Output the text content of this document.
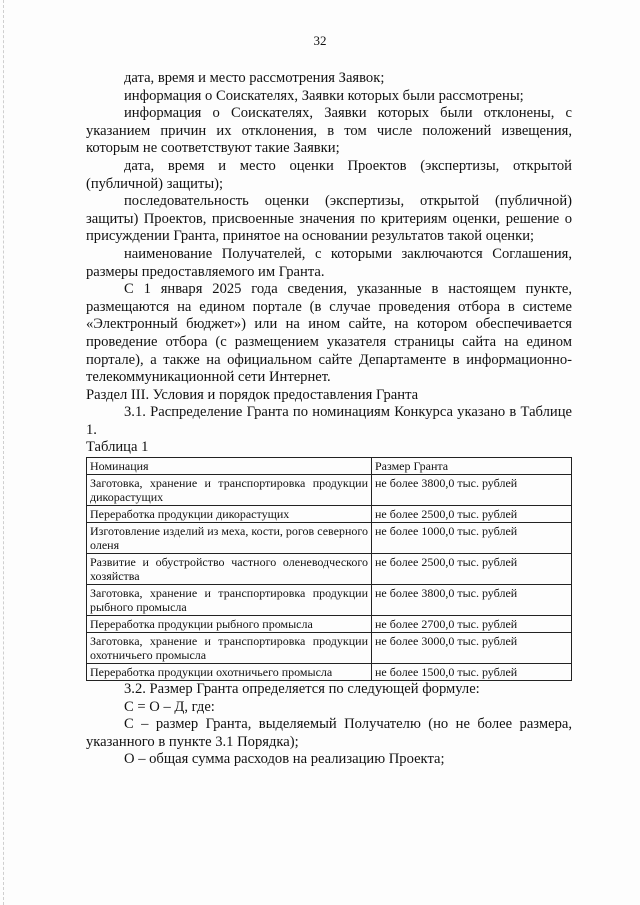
32

дата, время и место рассмотрения Заявок;

информация о Соискателях, Заявки которых были рассмотрены;

информация о Соискателях, Заявки которых были отклонены, с указанием причин их отклонения, в том числе положений извещения, которым не соответствуют такие Заявки;

дата, время и место оценки Проектов (экспертизы, открытой (публичной) защиты);

последовательность оценки (экспертизы, открытой (публичной) защиты) Проектов, присвоенные значения по критериям оценки, решение о присуждении Гранта, принятое на основании результатов такой оценки;

наименование Получателей, с которыми заключаются Соглашения, размеры предоставляемого им Гранта.

С 1 января 2025 года сведения, указанные в настоящем пункте, размещаются на едином портале (в случае проведения отбора в системе «Электронный бюджет») или на ином сайте, на котором обеспечивается проведение отбора (с размещением указателя страницы сайта на едином портале), а также на официальном сайте Департаменте в информационно-телекоммуникационной сети Интернет.

Раздел III. Условия и порядок предоставления Гранта

3.1. Распределение Гранта по номинациям Конкурса указано в Таблице 1.

Таблица 1

Номинация	Размер Гранта
Заготовка, хранение и транспортировка продукции дикорастущих	не более 3800,0 тыс. рублей
Переработка продукции дикорастущих	не более 2500,0 тыс. рублей
Изготовление изделий из меха, кости, рогов северного оленя	не более 1000,0 тыс. рублей
Развитие и обустройство частного оленеводческого хозяйства	не более 2500,0 тыс. рублей
Заготовка, хранение и транспортировка продукции рыбного промысла	не более 3800,0 тыс. рублей
Переработка продукции рыбного промысла	не более 2700,0 тыс. рублей
Заготовка, хранение и транспортировка продукции охотничьего промысла	не более 3000,0 тыс. рублей
Переработка продукции охотничьего промысла	не более 1500,0 тыс. рублей

3.2. Размер Гранта определяется по следующей формуле:

С = О – Д, где:

С – размер Гранта, выделяемый Получателю (но не более размера, указанного в пункте 3.1 Порядка);

О – общая сумма расходов на реализацию Проекта;
